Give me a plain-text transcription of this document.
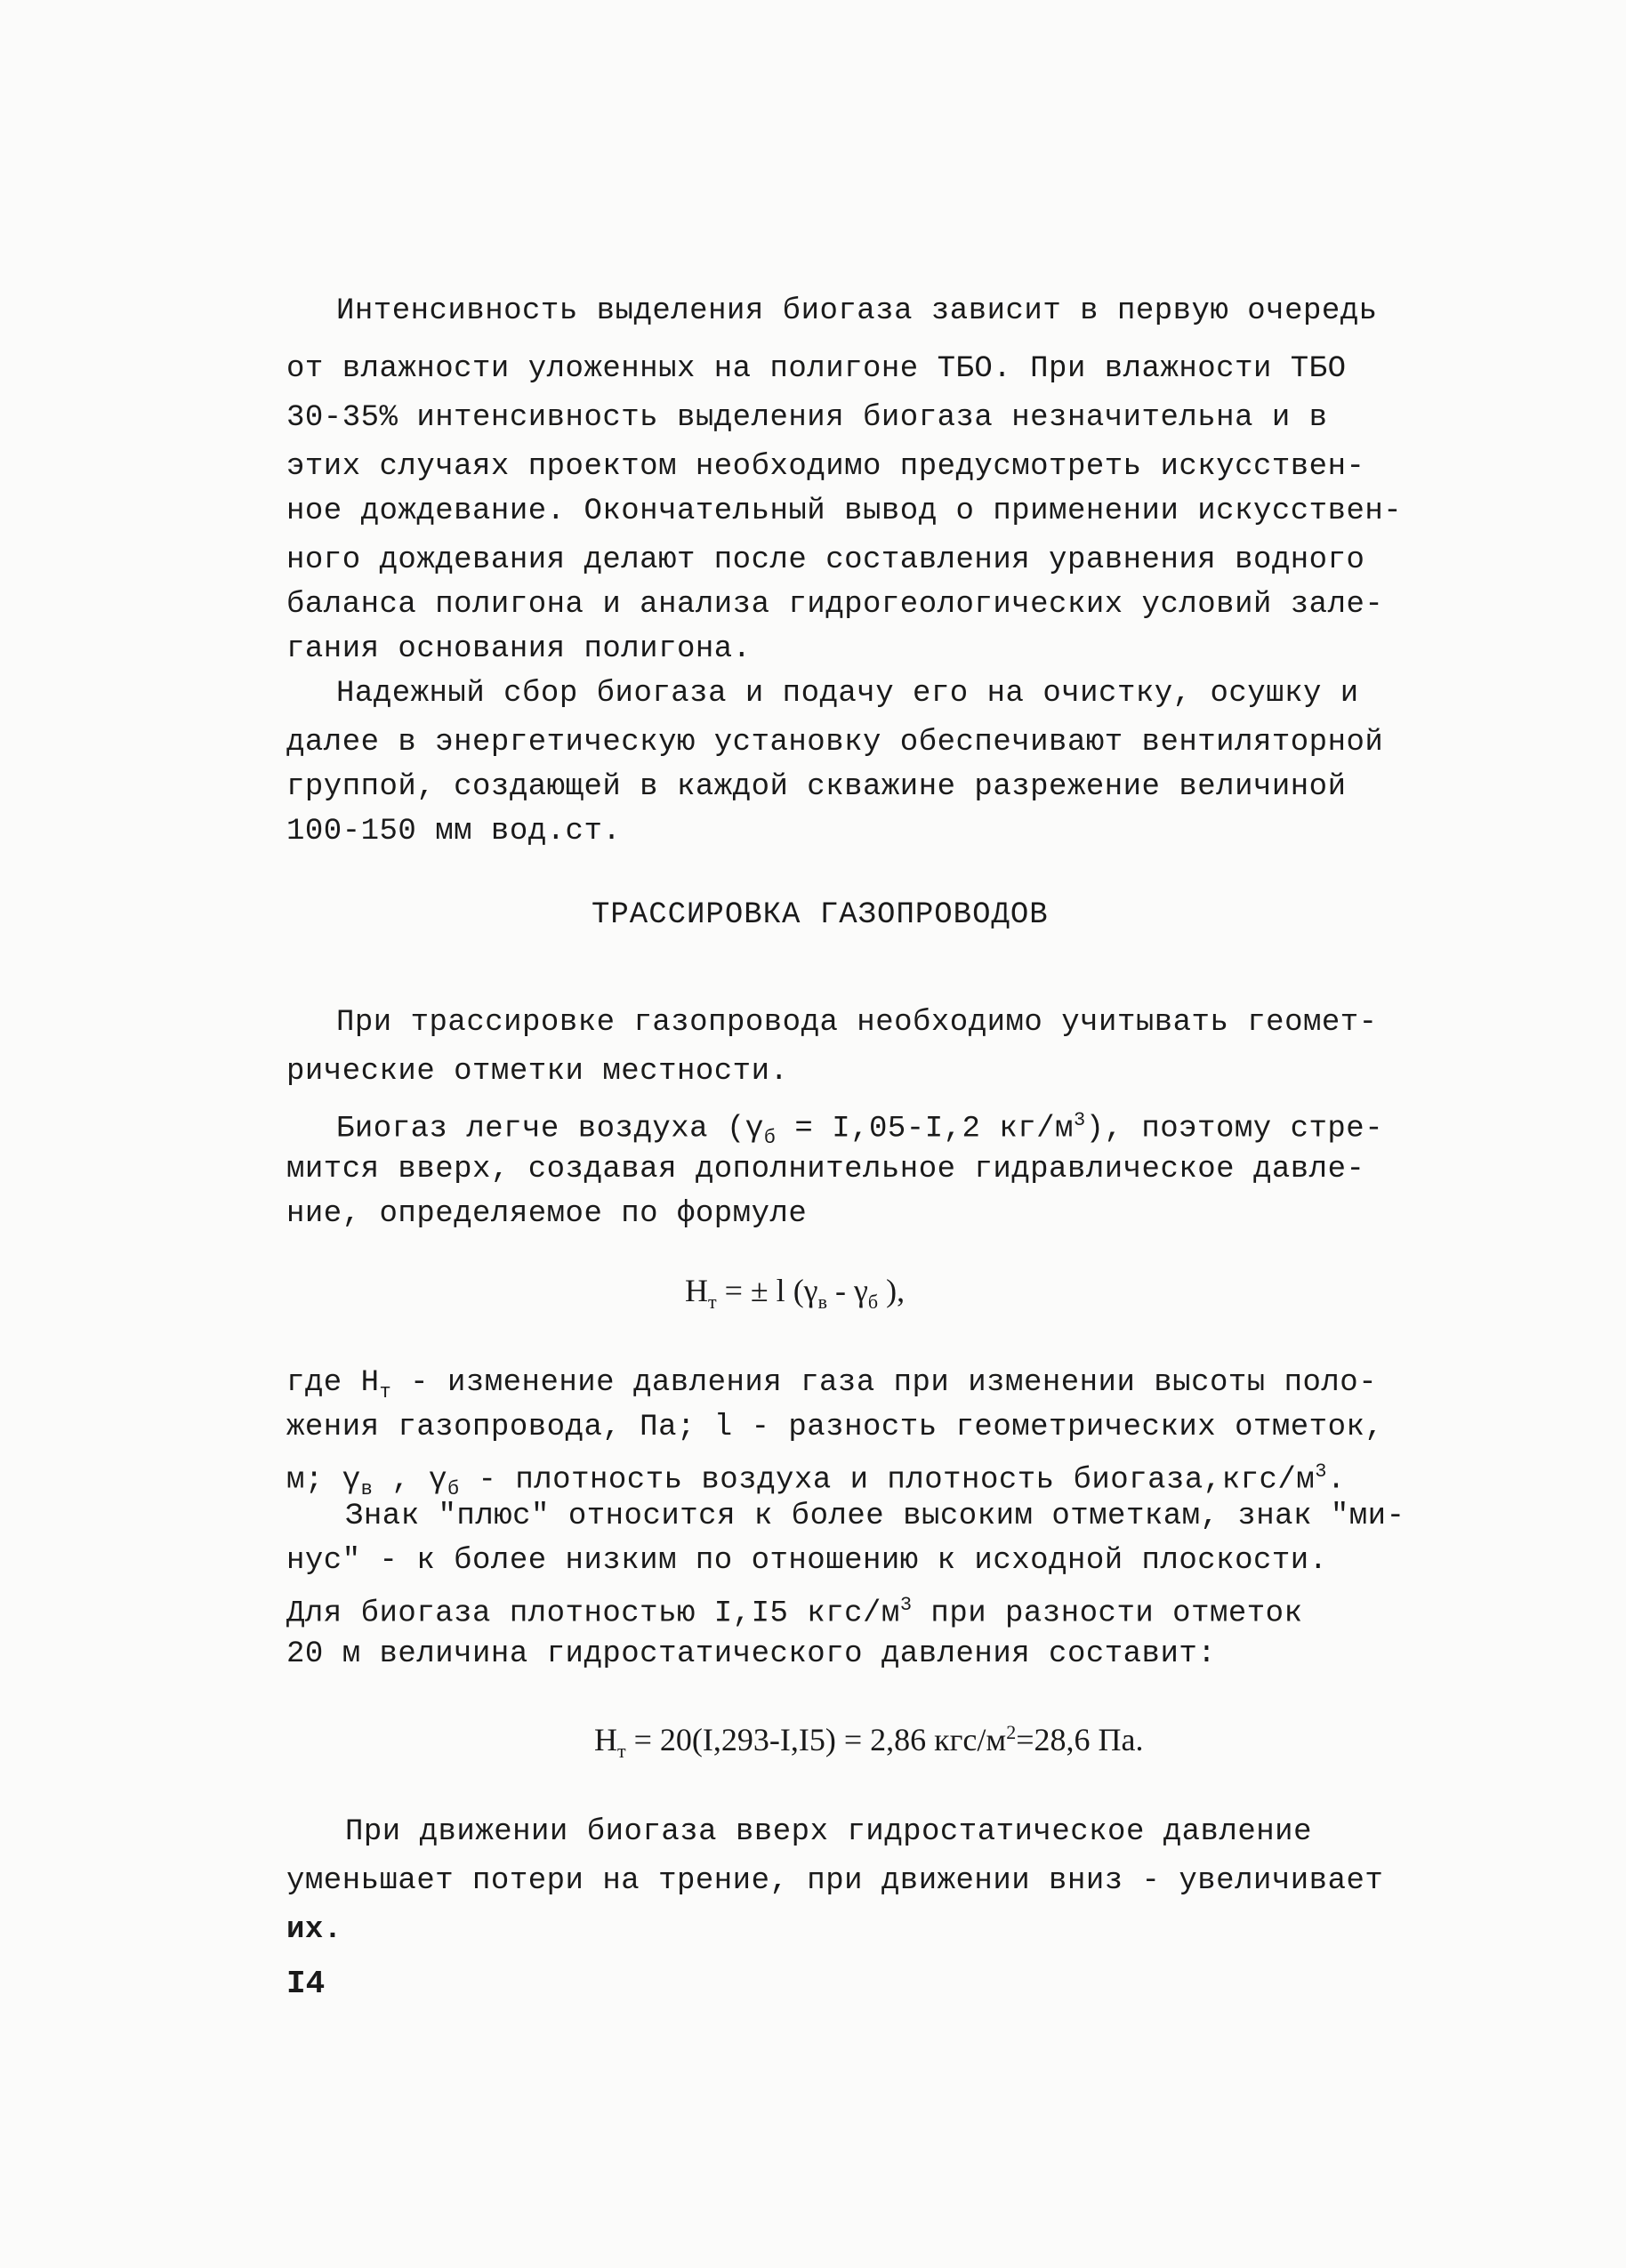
Интенсивность выделения биогаза зависит в первую очередь
от влажности уложенных на полигоне ТБО. При влажности ТБО
30-35% интенсивность выделения биогаза незначительна и в
этих случаях проектом необходимо предусмотреть искусствен-
ное дождевание. Окончательный вывод о применении искусствен-
ного дождевания делают после составления уравнения водного
баланса полигона и анализа гидрогеологических условий зале-
гания основания полигона.
Надежный сбор биогаза и подачу его на очистку, осушку и
далее в энергетическую установку обеспечивают вентиляторной
группой, создающей в каждой скважине разрежение величиной
100-150 мм вод.ст.
ТРАССИРОВКА ГАЗОПРОВОДОВ
При трассировке газопровода необходимо учитывать геомет-
рические отметки местности.
Биогаз легче воздуха ($\gamma_б = I,05-I,2$ $кг/м^3$), поэтому стре-
мится вверх, создавая дополнительное гидравлическое давле-
ние, определяемое по формуле
$H_т$ = ± l ($\gamma_в - \gamma_б$ ),
где $H_т$ - изменение давления газа при изменении высоты поло-
жения газопровода, Па; l - разность геометрических отметок,
м; $\gamma_в$ , $\gamma_б$ - плотность воздуха и плотность $биогаза,кгс/м^3$.
Знак "плюс" относится к более высоким отметкам, знак "ми-
нус" - к более низким по отношению к исходной плоскости.
Для биогаза плотностью I,I5 кгс/$м^3$ при разности отметок
20 м величина гидростатического давления составит:
$H_т = 20(I,293-I,I5) = 2,86$ кгс/$м^2=28,6$ Па.
При движении биогаза вверх гидростатическое давление
уменьшает потери на трение, при движении вниз - увеличивает
их.
I4
